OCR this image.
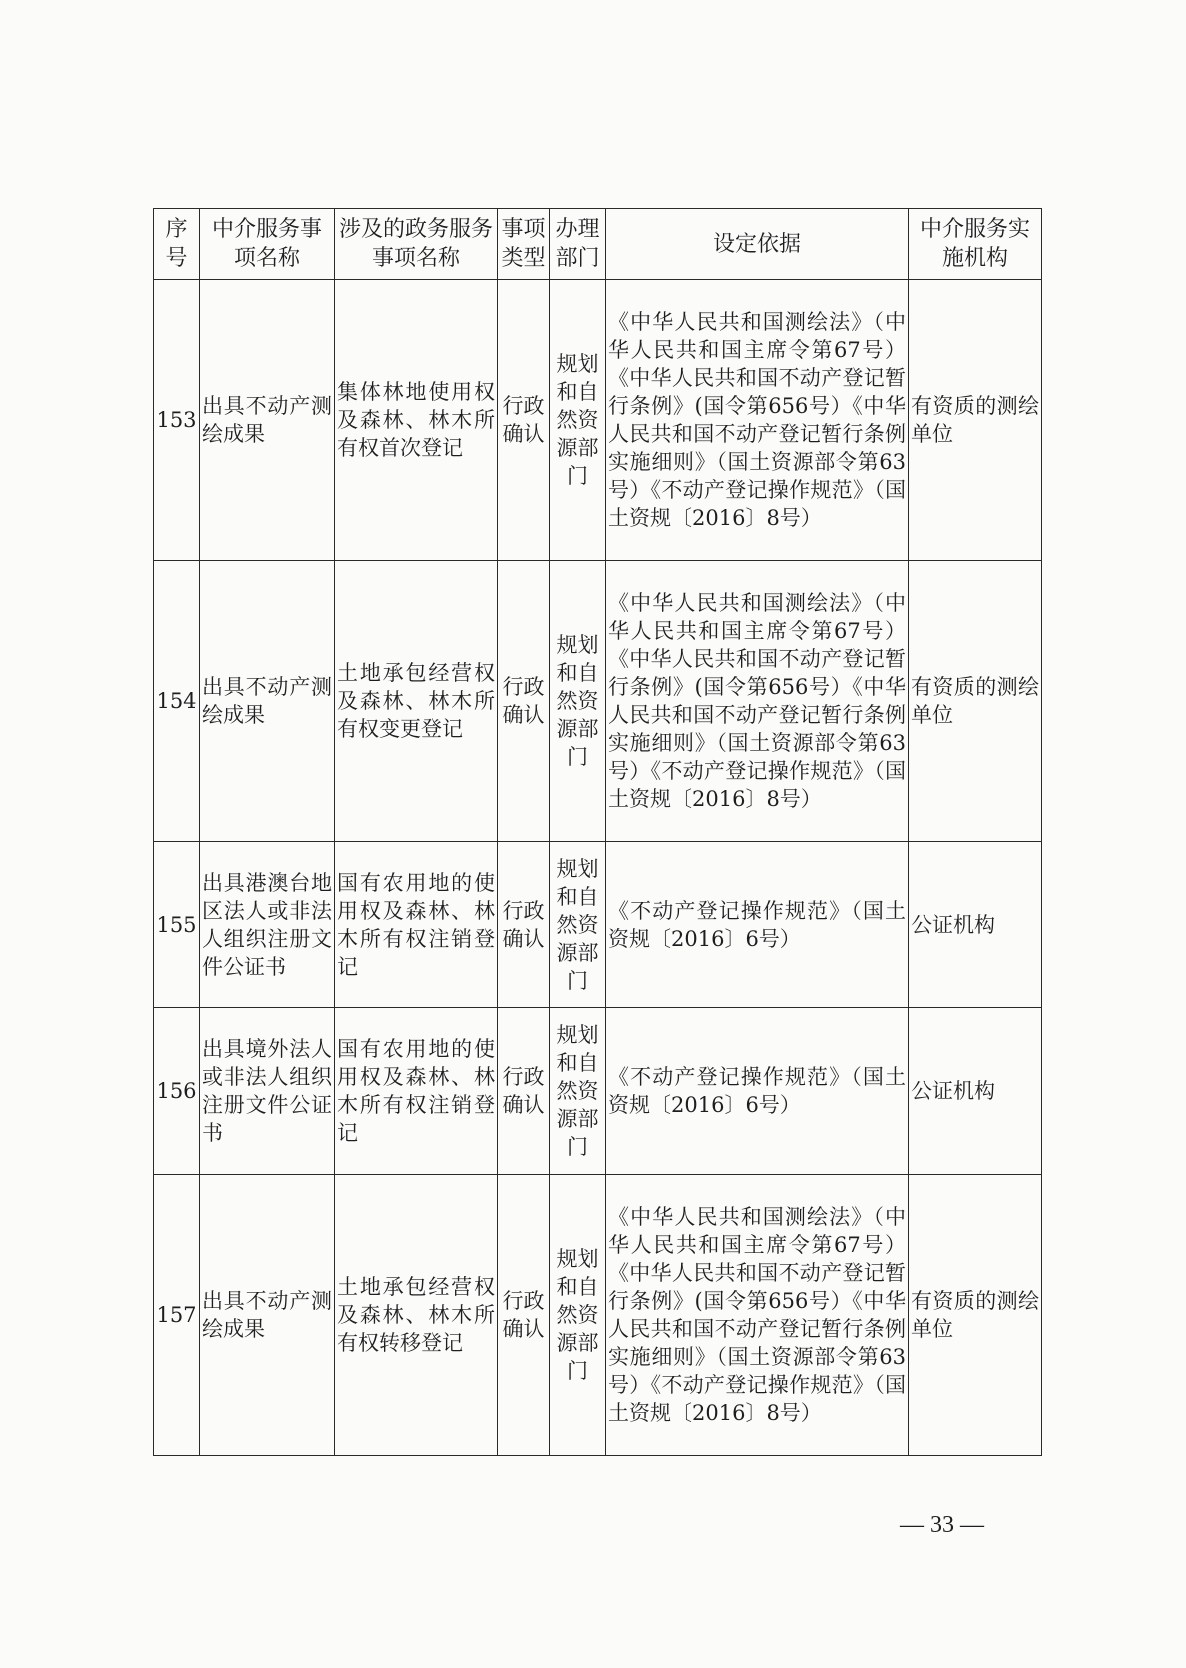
序号	中介服务事项名称	涉及的政务服务事项名称	事项类型	办理部门	设定依据	中介服务实施机构
153	出具不动产测绘成果	集体林地使用权及森林、林木所有权首次登记	行政确认	规划和自然资源部门	《中华人民共和国测绘法》（中华人民共和国主席令第67号）《中华人民共和国不动产登记暂行条例》(国令第656号）《中华人民共和国不动产登记暂行条例实施细则》（国土资源部令第63号）《不动产登记操作规范》（国土资规〔2016〕8号）	有资质的测绘单位
154	出具不动产测绘成果	土地承包经营权及森林、林木所有权变更登记	行政确认	规划和自然资源部门	《中华人民共和国测绘法》（中华人民共和国主席令第67号）《中华人民共和国不动产登记暂行条例》(国令第656号）《中华人民共和国不动产登记暂行条例实施细则》（国土资源部令第63号）《不动产登记操作规范》（国土资规〔2016〕8号）	有资质的测绘单位
155	出具港澳台地区法人或非法人组织注册文件公证书	国有农用地的使用权及森林、林木所有权注销登记	行政确认	规划和自然资源部门	《不动产登记操作规范》（国土资规〔2016〕6号）	公证机构
156	出具境外法人或非法人组织注册文件公证书	国有农用地的使用权及森林、林木所有权注销登记	行政确认	规划和自然资源部门	《不动产登记操作规范》（国土资规〔2016〕6号）	公证机构
157	出具不动产测绘成果	土地承包经营权及森林、林木所有权转移登记	行政确认	规划和自然资源部门	《中华人民共和国测绘法》（中华人民共和国主席令第67号）《中华人民共和国不动产登记暂行条例》(国令第656号）《中华人民共和国不动产登记暂行条例实施细则》（国土资源部令第63号）《不动产登记操作规范》（国土资规〔2016〕8号）	有资质的测绘单位
— 33 —
